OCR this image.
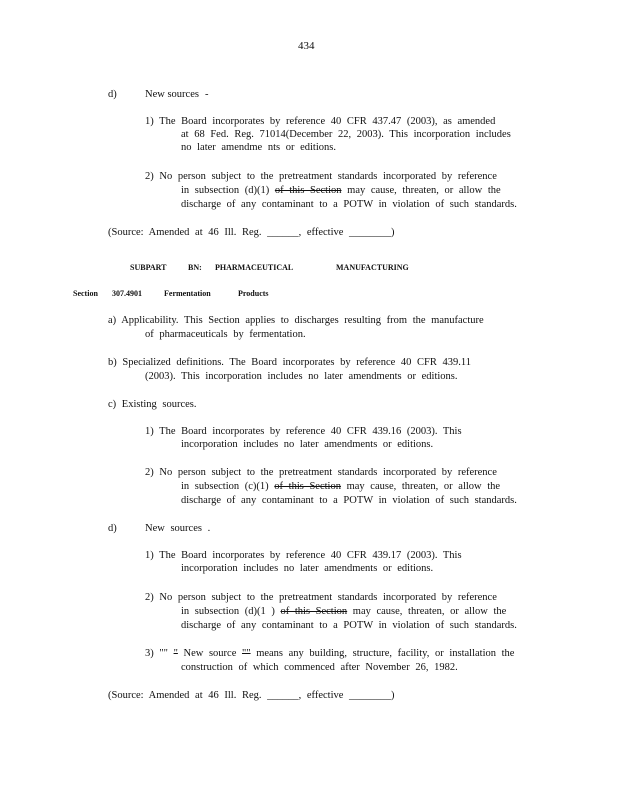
434
d)	New sources -
1) The Board incorporates by reference 40 CFR 437.47 (2003), as amended
at 68 Fed. Reg. 71014(December 22, 2003). This incorporation includes
no later amendme nts or editions.
2) No person subject to the pretreatment standards incorporated by reference
in subsection (d)(1) of this Section may cause, threaten, or allow the
discharge of any contaminant to a POTW in violation of such standards.
(Source: Amended at 46 Ill. Reg. ______, effective ________)
SUBPART	BN: PHARMACEUTICAL	MANUFACTURING
Section 307.4901	Fermentation	Products
a) Applicability. This Section applies to discharges resulting from the manufacture
of pharmaceuticals by fermentation.
b) Specialized definitions. The Board incorporates by reference 40 CFR 439.11
(2003). This incorporation includes no later amendments or editions.
c) Existing sources.
1) The Board incorporates by reference 40 CFR 439.16 (2003). This
incorporation includes no later amendments or editions.
2) No person subject to the pretreatment standards incorporated by reference
in subsection (c)(1) of this Section may cause, threaten, or allow the
discharge of any contaminant to a POTW in violation of such standards.
d)	New sources .
1) The Board incorporates by reference 40 CFR 439.17 (2003). This
incorporation includes no later amendments or editions.
2) No person subject to the pretreatment standards incorporated by reference
in subsection (d)(1 ) of this Section may cause, threaten, or allow the
discharge of any contaminant to a POTW in violation of such standards.
3) "" " New source "" means any building, structure, facility, or installation the
construction of which commenced after November 26, 1982.
(Source: Amended at 46 Ill. Reg. ______, effective ________)
